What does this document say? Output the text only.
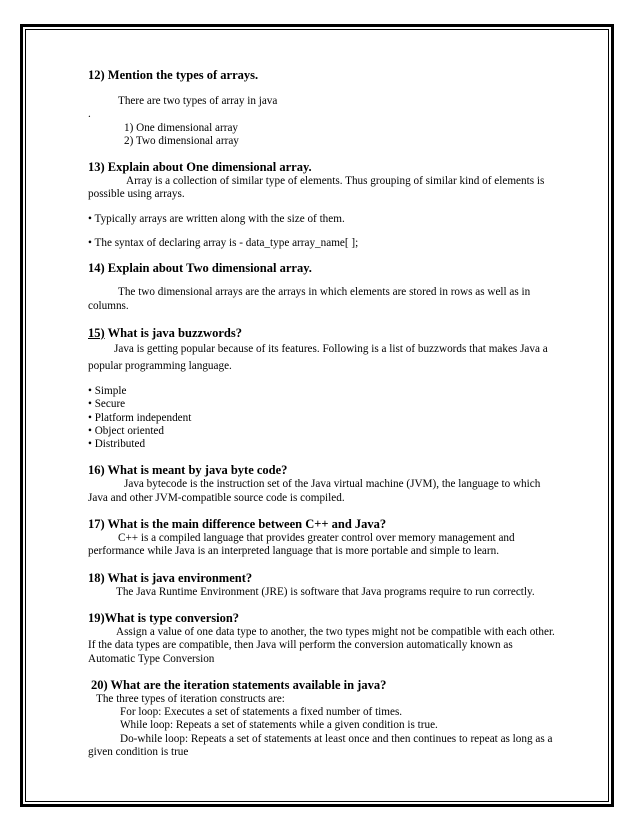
12) Mention the types of arrays.

There are two types of array in java

.

1) One dimensional array
2) Two dimensional array

13) Explain about One dimensional array.

Array is a collection of similar type of elements. Thus grouping of similar kind of elements is possible using arrays.

• Typically arrays are written along with the size of them.

• The syntax of declaring array is - data_type array_name[ ];

14) Explain about Two dimensional array.

The two dimensional arrays are the arrays in which elements are stored in rows as well as in columns.

15) What is java buzzwords?

Java is getting popular because of its features. Following is a list of buzzwords that makes Java a popular programming language.

• Simple
• Secure
• Platform independent
• Object oriented
• Distributed

16) What is meant by java byte code?

Java bytecode is the instruction set of the Java virtual machine (JVM), the language to which Java and other JVM-compatible source code is compiled.

17) What is the main difference between C++ and Java?

C++ is a compiled language that provides greater control over memory management and performance while Java is an interpreted language that is more portable and simple to learn.

18) What is java environment?

The Java Runtime Environment (JRE) is software that Java programs require to run correctly.

19)What is type conversion?

Assign a value of one data type to another, the two types might not be compatible with each other. If the data types are compatible, then Java will perform the conversion automatically known as Automatic Type Conversion

20) What are the iteration statements available in java?

The three types of iteration constructs are:

For loop: Executes a set of statements a fixed number of times.
While loop: Repeats a set of statements while a given condition is true.

Do-while loop: Repeats a set of statements at least once and then continues to repeat as long as a given condition is true
